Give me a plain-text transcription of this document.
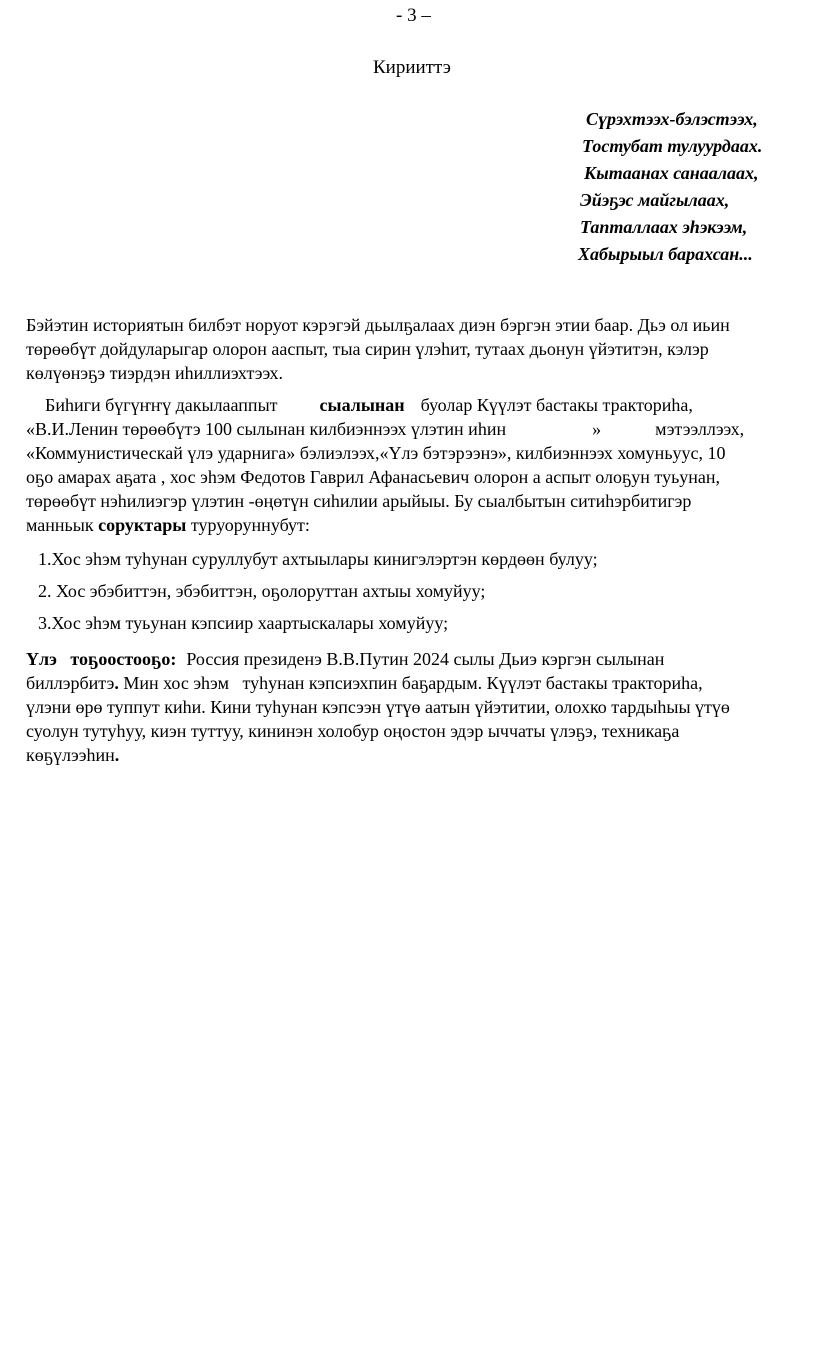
- 3 –
Кирииттэ
Сүрэхтээх-бэлэстээх,
Тостубат тулуурдаах.
Кытаанах санаалаах,
Эйэҕэс майгылаах,
Тапталлаах эһэкээм,
Хабырыыл барахсан...
Бэйэтин историятын билбэт норуот кэрэгэй дьылҕалаах диэн бэргэн этии баар. Дьэ ол иьин
төрөөбүт дойдуларыгар олорон ааспыт, тыа сирин үлэһит, тутаах дьонун үйэтитэн, кэлэр
көлүөнэҕэ тиэрдэн иһиллиэхтээх.
Биһиги бүгүҥҥү дакылааппыт сыалынан буолар Күүлэт бастакы тракториһа,
«В.И.Ленин төрөөбүтэ 100 сылынан килбиэннээх үлэтин иһин	»	мэтээллээх,
«Коммунистическай үлэ ударнига» бэлиэлээх,«Үлэ бэтэрээнэ», килбиэннээх хомуньуус, 10
оҕо амарах аҕата , хос эһэм Федотов Гаврил Афанасьевич олорон а аспыт олоҕун туьунан,
төрөөбүт нэһилиэгэр үлэтин -өңөтүн сиһилии арыйыы. Бу сыалбытын ситиһэрбитигэр
манньык соруктары туруоруннубут:
1.Хос эһэм туһунан суруллубут ахтыылары кинигэлэртэн көрдөөн булуу;
2. Хос эбэбиттэн, эбэбиттэн, оҕолоруттан ахтыы хомуйуу;
3.Хос эһэм туьунан кэпсиир хаартыскалары хомуйуу;
Үлэ   тоҕоостооҕо: Россия президенэ В.В.Путин 2024 сылы Дьиэ кэргэн сылынан
биллэрбитэ. Мин хос эһэм   туһунан кэпсиэхпин баҕардым. Күүлэт бастакы тракториһа,
үлэни өрө туппут киһи. Кини туһунан кэпсээн үтүө аатын үйэтитии, олохко тардыһыы үтүө
суолун тутуһуу, киэн туттуу, кининэн холобур оңостон эдэр ыччаты үлэҕэ, техникаҕа
көҕүлээһин.
